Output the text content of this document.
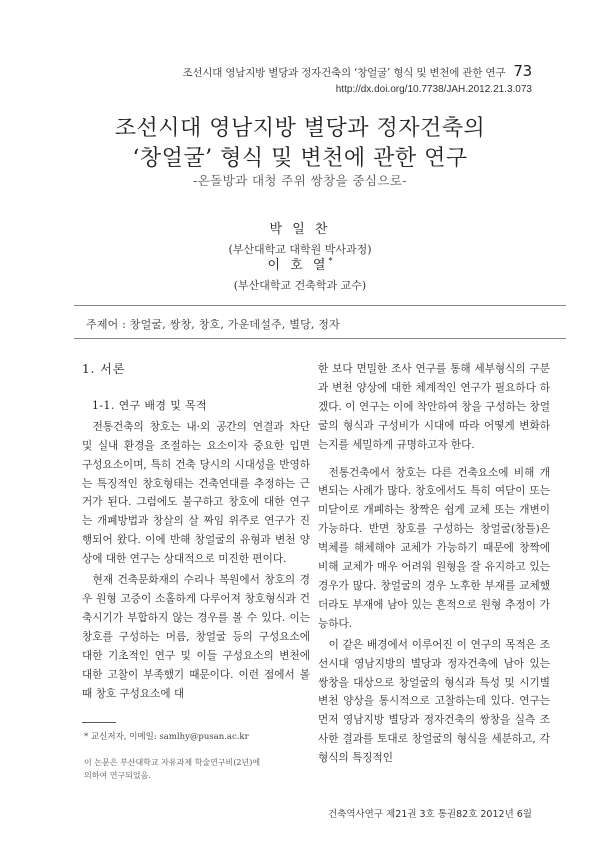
조선시대 영남지방 별당과 정자건축의 ‘창얼굴’ 형식 및 변천에 관한 연구 73
http://dx.doi.org/10.7738/JAH.2012.21.3.073
조선시대 영남지방 별당과 정자건축의
‘창얼굴’ 형식 및 변천에 관한 연구
-온돌방과 대청 주위 쌍창을 중심으로-
박 일 찬
(부산대학교 대학원 박사과정)
이 호 열*
(부산대학교 건축학과 교수)
주제어 : 창얼굴, 쌍창, 창호, 가운데설주, 별당, 정자
1. 서론
1-1. 연구 배경 및 목적

전통건축의 창호는 내·외 공간의 연결과 차단 및 실내 환경을 조절하는 요소이자 중요한 입면 구성요소이며, 특히 건축 당시의 시대성을 반영하는 특징적인 창호형태는 건축연대를 추정하는 근거가 된다. 그럼에도 불구하고 창호에 대한 연구는 개폐방법과 창살의 살 짜임 위주로 연구가 진행되어 왔다. 이에 반해 창얼굴의 유형과 변천 양상에 대한 연구는 상대적으로 미진한 편이다.

현재 건축문화재의 수리나 복원에서 창호의 경우 원형 고증이 소홀하게 다루어져 창호형식과 건축시기가 부합하지 않는 경우를 볼 수 있다. 이는 창호를 구성하는 머름, 창얼굴 등의 구성요소에 대한 기초적인 연구 및 이들 구성요소의 변천에 대한 고찰이 부족했기 때문이다. 이런 점에서 볼 때 창호 구성요소에 대

한 보다 면밀한 조사 연구를 통해 세부형식의 구분과 변천 양상에 대한 체계적인 연구가 필요하다 하겠다. 이 연구는 이에 착안하여 창을 구성하는 창얼굴의 형식과 구성비가 시대에 따라 어떻게 변화하는지를 세밀하게 규명하고자 한다.

전통건축에서 창호는 다른 건축요소에 비해 개변되는 사례가 많다. 창호에서도 특히 여닫이 또는 미닫이로 개폐하는 창짝은 쉽게 교체 또는 개변이 가능하다. 반면 창호를 구성하는 창얼굴(창틀)은 벽체를 해체해야 교체가 가능하기 때문에 창짝에 비해 교체가 매우 어려워 원형을 잘 유지하고 있는 경우가 많다. 창얼굴의 경우 노후한 부재를 교체했더라도 부재에 남아 있는 흔적으로 원형 추정이 가능하다.

이 같은 배경에서 이루어진 이 연구의 목적은 조선시대 영남지방의 별당과 정자건축에 남아 있는 쌍창을 대상으로 창얼굴의 형식과 특성 및 시기별 변천 양상을 통시적으로 고찰하는데 있다. 연구는 먼저 영남지방 별당과 정자건축의 쌍창을 실측 조사한 결과를 토대로 창얼굴의 형식을 세분하고, 각 형식의 특징적인

* 교신저자, 이메일: samlhy@pusan.ac.kr
이 논문은 부산대학교 자유과제 학술연구비(2년)에 의하여 연구되었음.
건축역사연구 제21권 3호 통권82호 2012년 6월
